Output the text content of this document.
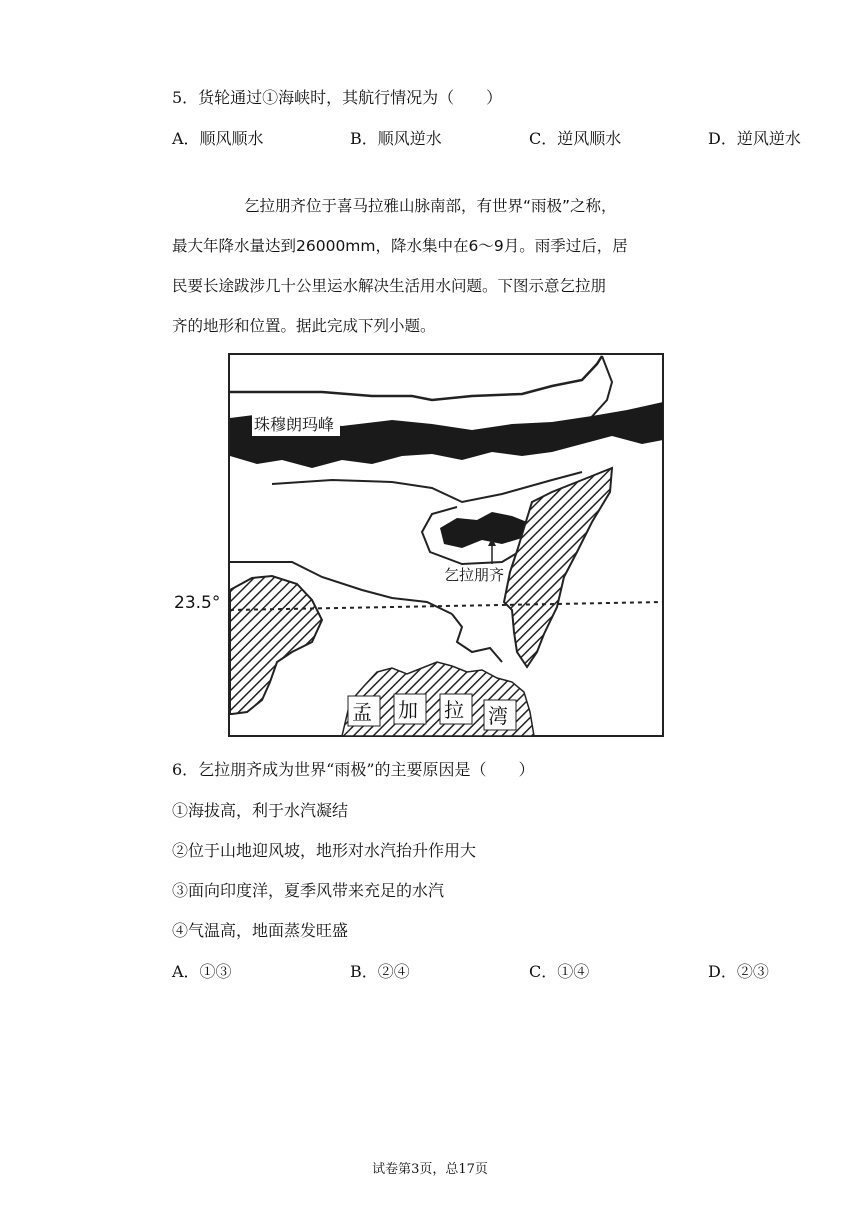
5．货轮通过①海峡时，其航行情况为（　　）
A．顺风顺水	B．顺风逆水	C．逆风顺水	D．逆风逆水
乞拉朋齐位于喜马拉雅山脉南部，有世界“雨极”之称，
最大年降水量达到26000mm，降水集中在6～9月。雨季过后，居
民要长途跋涉几十公里运水解决生活用水问题。下图示意乞拉朋
齐的地形和位置。据此完成下列小题。
珠穆朗玛峰
乞拉朋齐
23.5°
孟 加 拉 湾
6．乞拉朋齐成为世界“雨极”的主要原因是（　　）
①海拔高，利于水汽凝结
②位于山地迎风坡，地形对水汽抬升作用大
③面向印度洋，夏季风带来充足的水汽
④气温高，地面蒸发旺盛
A．①③	B．②④	C．①④	D．②③
试卷第3页，总17页
